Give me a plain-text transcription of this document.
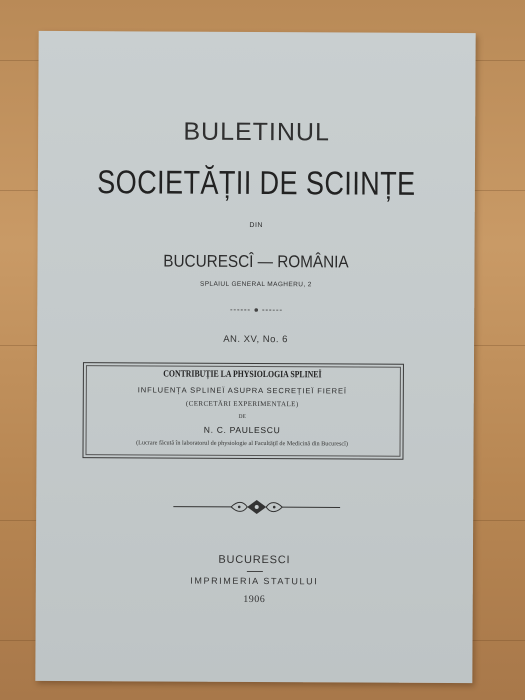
BULETINUL
SOCIETĂȚII DE SCIINȚE
DIN
BUCURESCÎ — ROMÂNIA
SPLAIUL GENERAL MAGHERU, 2
AN. XV, No. 6
CONTRIBUȚIE LA PHYSIOLOGIA SPLINEÏ
INFLUENȚA SPLINEÏ ASUPRA SECREȚIEÏ FIEREÏ
(CERCETĂRI EXPERIMENTALE)
DE
N. C. PAULESCU
(Lucrare făcută în laboratorul de physiologie al Facultăţiî de Medicină din Bucurescî)
BUCURESCI
IMPRIMERIA STATULUI
1906
